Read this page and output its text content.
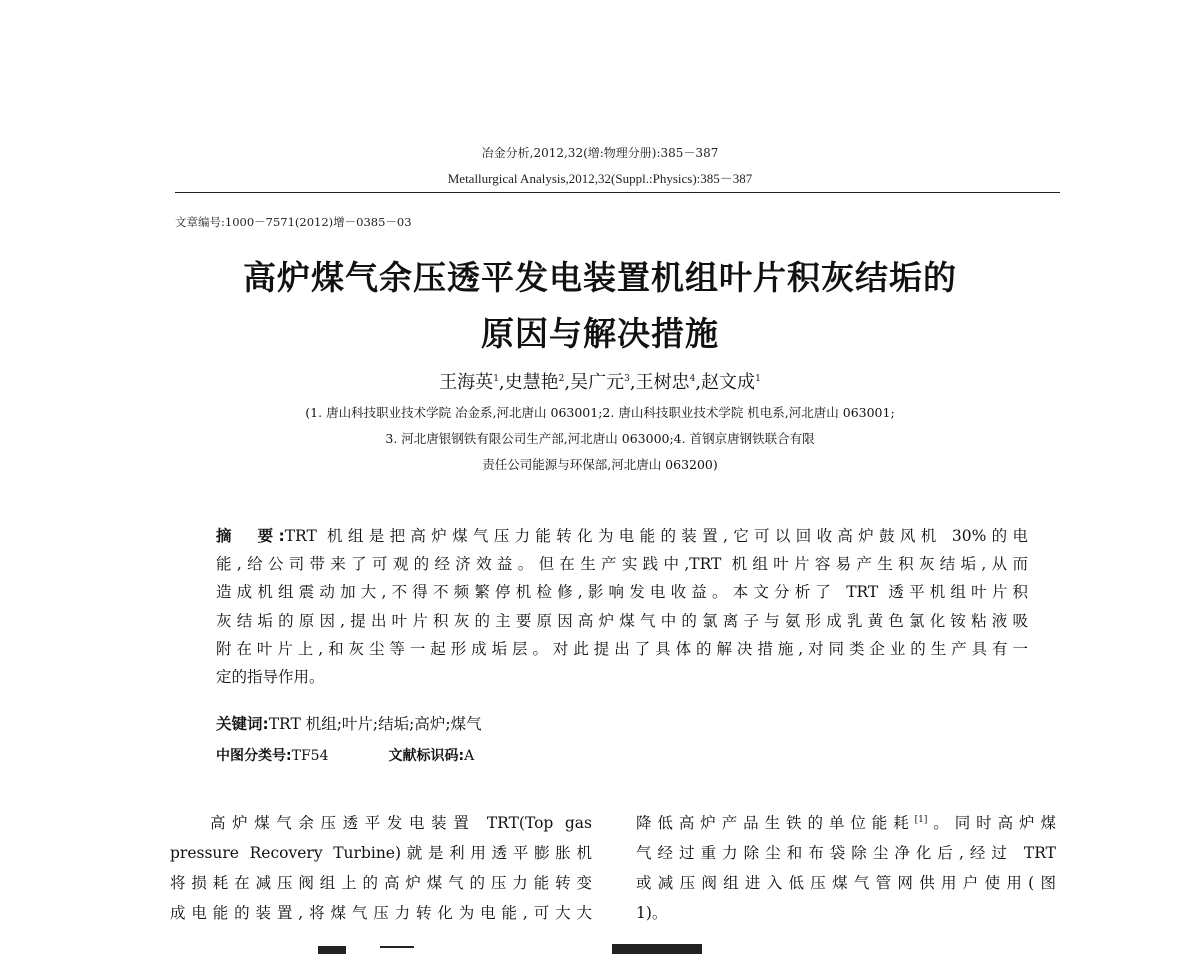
冶金分析,2012,32(增:物理分册):385－387
Metallurgical Analysis,2012,32(Suppl.:Physics):385－387
文章编号:1000－7571(2012)增－0385－03
高炉煤气余压透平发电装置机组叶片积灰结垢的
原因与解决措施
王海英$^1$,史慧艳$^2$,吴广元$^3$,王树忠$^4$,赵文成$^1$
(1. 唐山科技职业技术学院 冶金系,河北唐山 063001;2. 唐山科技职业技术学院 机电系,河北唐山 063001;
3. 河北唐银钢铁有限公司生产部,河北唐山 063000;4. 首钢京唐钢铁联合有限
责任公司能源与环保部,河北唐山 063200)
摘　要:TRT 机组是把高炉煤气压力能转化为电能的装置,它可以回收高炉鼓风机 30%的电
能,给公司带来了可观的经济效益。但在生产实践中,TRT 机组叶片容易产生积灰结垢,从而
造成机组震动加大,不得不频繁停机检修,影响发电收益。本文分析了 TRT 透平机组叶片积
灰结垢的原因,提出叶片积灰的主要原因高炉煤气中的氯离子与氨形成乳黄色氯化铵粘液吸
附在叶片上,和灰尘等一起形成垢层。对此提出了具体的解决措施,对同类企业的生产具有一
定的指导作用。
关键词:TRT 机组;叶片;结垢;高炉;煤气
中图分类号:TF54	文献标识码:A
高炉煤气余压透平发电装置 TRT(Top gas
pressure Recovery Turbine)就是利用透平膨胀机
将损耗在减压阀组上的高炉煤气的压力能转变
成电能的装置,将煤气压力转化为电能,可大大
降低高炉产品生铁的单位能耗[1]。同时高炉煤
气经过重力除尘和布袋除尘净化后,经过 TRT
或减压阀组进入低压煤气管网供用户使用(图
1)。
